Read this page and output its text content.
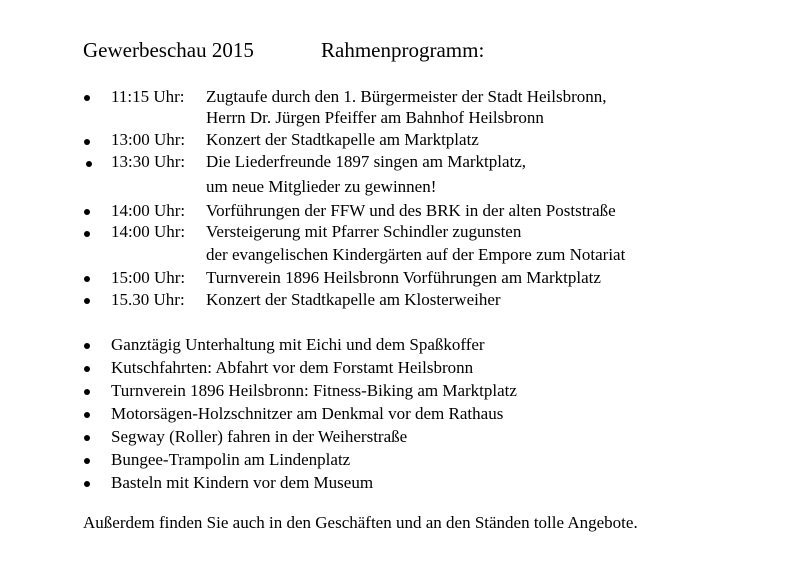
Gewerbeschau 2015	Rahmenprogramm:
11:15 Uhr: Zugtaufe durch den 1. Bürgermeister der Stadt Heilsbronn,
Herrn Dr. Jürgen Pfeiffer am Bahnhof Heilsbronn
13:00 Uhr: Konzert der Stadtkapelle am Marktplatz
13:30 Uhr: Die Liederfreunde 1897 singen am Marktplatz,
um neue Mitglieder zu gewinnen!
14:00 Uhr: Vorführungen der FFW und des BRK in der alten Poststraße
14:00 Uhr: Versteigerung mit Pfarrer Schindler zugunsten
der evangelischen Kindergärten auf der Empore zum Notariat
15:00 Uhr: Turnverein 1896 Heilsbronn Vorführungen am Marktplatz
15.30 Uhr: Konzert der Stadtkapelle am Klosterweiher
Ganztägig Unterhaltung mit Eichi und dem Spaßkoffer
Kutschfahrten: Abfahrt vor dem Forstamt Heilsbronn
Turnverein 1896 Heilsbronn: Fitness-Biking am Marktplatz
Motorsägen-Holzschnitzer am Denkmal vor dem Rathaus
Segway (Roller) fahren in der Weiherstraße
Bungee-Trampolin am Lindenplatz
Basteln mit Kindern vor dem Museum
Außerdem finden Sie auch in den Geschäften und an den Ständen tolle Angebote.
